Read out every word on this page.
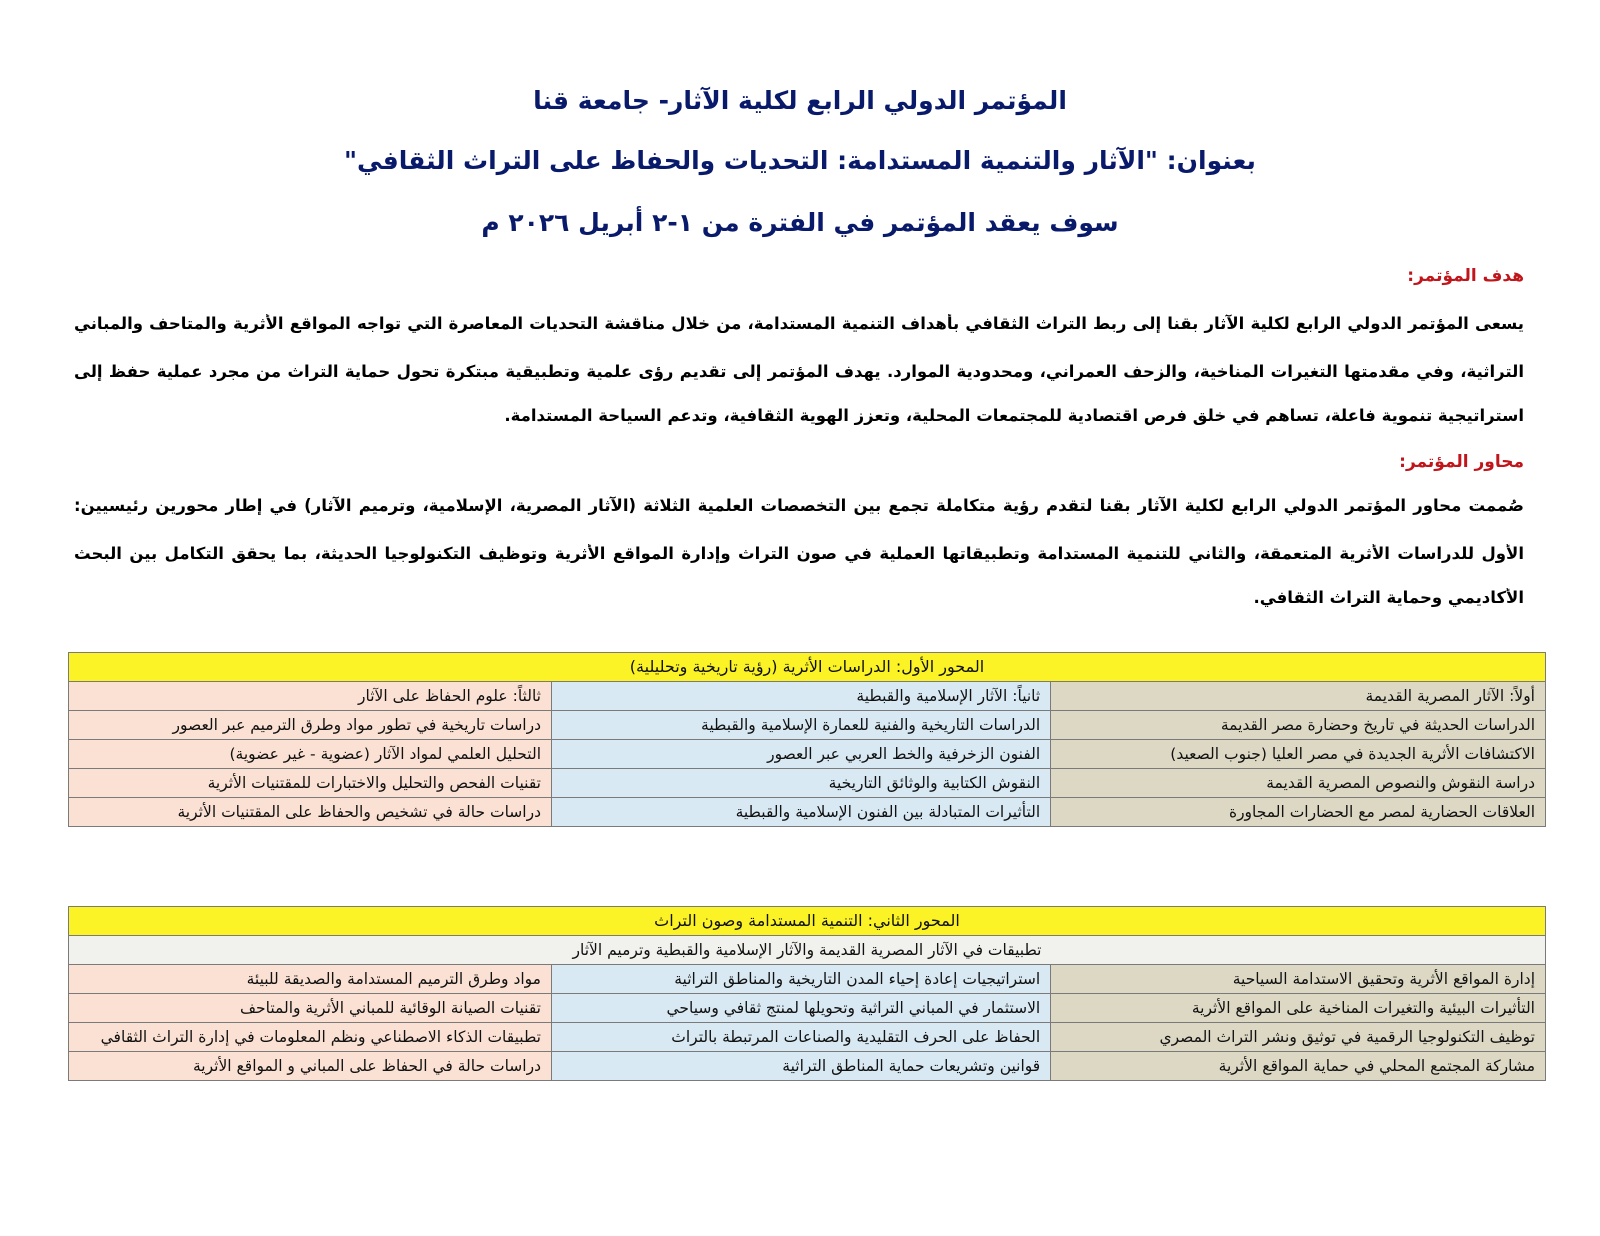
المؤتمر الدولي الرابع لكلية الآثار- جامعة قنا
بعنوان: "الآثار والتنمية المستدامة: التحديات والحفاظ على التراث الثقافي"
سوف يعقد المؤتمر في الفترة من ١-٢ أبريل ٢٠٢٦ م
هدف المؤتمر:
يسعى المؤتمر الدولي الرابع لكلية الآثار بقنا إلى ربط التراث الثقافي بأهداف التنمية المستدامة، من خلال مناقشة التحديات المعاصرة التي تواجه المواقع الأثرية والمتاحف والمباني
التراثية، وفي مقدمتها التغيرات المناخية، والزحف العمراني، ومحدودية الموارد. يهدف المؤتمر إلى تقديم رؤى علمية وتطبيقية مبتكرة تحول حماية التراث من مجرد عملية حفظ إلى
استراتيجية تنموية فاعلة، تساهم في خلق فرص اقتصادية للمجتمعات المحلية، وتعزز الهوية الثقافية، وتدعم السياحة المستدامة.
محاور المؤتمر:
صُممت محاور المؤتمر الدولي الرابع لكلية الآثار بقنا لتقدم رؤية متكاملة تجمع بين التخصصات العلمية الثلاثة (الآثار المصرية، الإسلامية، وترميم الآثار) في إطار محورين رئيسيين:
الأول للدراسات الأثرية المتعمقة، والثاني للتنمية المستدامة وتطبيقاتها العملية في صون التراث وإدارة المواقع الأثرية وتوظيف التكنولوجيا الحديثة، بما يحقق التكامل بين البحث
الأكاديمي وحماية التراث الثقافي.
المحور الأول: الدراسات الأثرية (رؤية تاريخية وتحليلية)		
أولاً: الآثار المصرية القديمة	ثانياً: الآثار الإسلامية والقبطية	ثالثاً: علوم الحفاظ على الآثار
الدراسات الحديثة في تاريخ وحضارة مصر القديمة	الدراسات التاريخية والفنية للعمارة الإسلامية والقبطية	دراسات تاريخية في تطور مواد وطرق الترميم عبر العصور
الاكتشافات الأثرية الجديدة في مصر العليا (جنوب الصعيد)	الفنون الزخرفية والخط العربي عبر العصور	التحليل العلمي لمواد الآثار (عضوية - غير عضوية)
دراسة النقوش والنصوص المصرية القديمة	النقوش الكتابية والوثائق التاريخية	تقنيات الفحص والتحليل والاختبارات للمقتنيات الأثرية
العلاقات الحضارية لمصر مع الحضارات المجاورة	التأثيرات المتبادلة بين الفنون الإسلامية والقبطية	دراسات حالة في تشخيص والحفاظ على المقتنيات الأثرية
المحور الثاني: التنمية المستدامة وصون التراث		
تطبيقات في الآثار المصرية القديمة والآثار الإسلامية والقبطية وترميم الآثار		
إدارة المواقع الأثرية وتحقيق الاستدامة السياحية	استراتيجيات إعادة إحياء المدن التاريخية والمناطق التراثية	مواد وطرق الترميم المستدامة والصديقة للبيئة
التأثيرات البيئية والتغيرات المناخية على المواقع الأثرية	الاستثمار في المباني التراثية وتحويلها لمنتج ثقافي وسياحي	تقنيات الصيانة الوقائية للمباني الأثرية والمتاحف
توظيف التكنولوجيا الرقمية في توثيق ونشر التراث المصري	الحفاظ على الحرف التقليدية والصناعات المرتبطة بالتراث	تطبيقات الذكاء الاصطناعي ونظم المعلومات في إدارة التراث الثقافي
مشاركة المجتمع المحلي في حماية المواقع الأثرية	قوانين وتشريعات حماية المناطق التراثية	دراسات حالة في الحفاظ على المباني و المواقع الأثرية
